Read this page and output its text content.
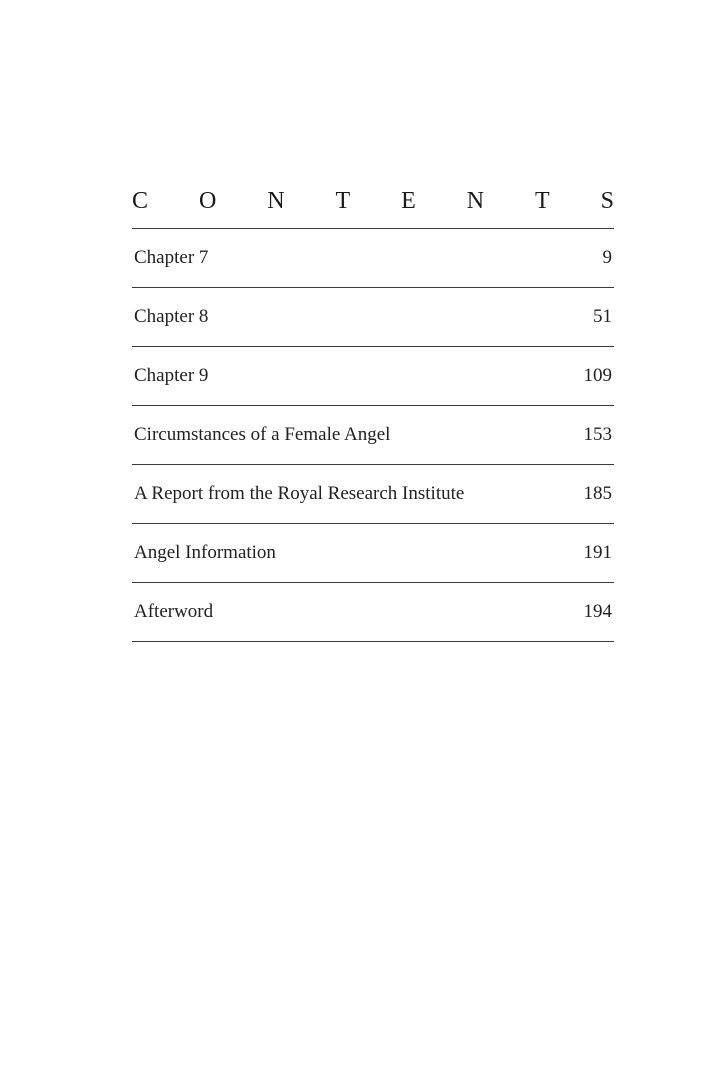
C O N T E N T S
Chapter 7	9
Chapter 8	51
Chapter 9	109
Circumstances of a Female Angel	153
A Report from the Royal Research Institute	185
Angel Information	191
Afterword	194
